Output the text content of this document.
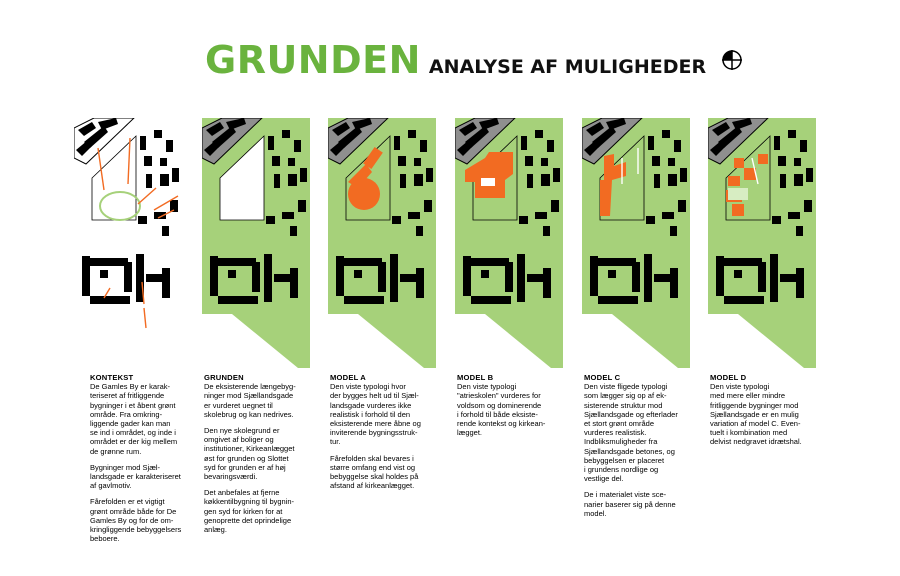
GRUNDEN ANALYSE AF MULIGHEDER
KONTEKST

De Gamles By er karak-
teriseret af fritliggende
bygninger i et åbent grønt
område. Fra omkring-
liggende gader kan man
se ind i området, og inde i
området er der kig mellem
de grønne rum.

Bygninger mod Sjæl-
landsgade er karakteriseret
af gavlmotiv.

Fårefolden er et vigtigt
grønt område både for De
Gamles By og for de om-
kringliggende bebyggelsers
beboere.

GRUNDEN

De eksisterende længebyg-
ninger mod Sjællandsgade
er vurderet uegnet til
skolebrug og kan nedrives.

Den nye skolegrund er
omgivet af boliger og
institutioner, Kirkeanlægget
øst for grunden og Slottet
syd for grunden er af høj
bevaringsværdi.

Det anbefales at fjerne
køkkentilbygning til bygnin-
gen syd for kirken for at
genoprette det oprindelige
anlæg.

MODEL A

Den viste typologi hvor
der bygges helt ud til Sjæl-
landsgade vurderes ikke
realistisk i forhold til den
eksisterende mere åbne og
inviterende bygningsstruk-
tur.

Fårefolden skal bevares i
større omfang end vist og
bebyggelse skal holdes på
afstand af kirkeanlægget.

MODEL B

Den viste typologi
"atrieskolen" vurderes for
voldsom og dominerende
i forhold til både eksiste-
rende kontekst og kirkean-
lægget.

MODEL C

Den viste fligede typologi
som lægger sig op af ek-
sisterende struktur mod
Sjællandsgade og efterlader
et stort grønt område
vurderes realistisk.
Indbliksmuligheder fra
Sjællandsgade betones, og
bebyggelsen er placeret
i grundens nordlige og
vestlige del.

De i materialet viste sce-
narier baserer sig på denne
model.

MODEL D

Den viste typologi
med mere eller mindre
fritliggende bygninger mod
Sjællandsgade er en mulig
variation af model C. Even-
tuelt i kombination med
delvist nedgravet idrætshal.
